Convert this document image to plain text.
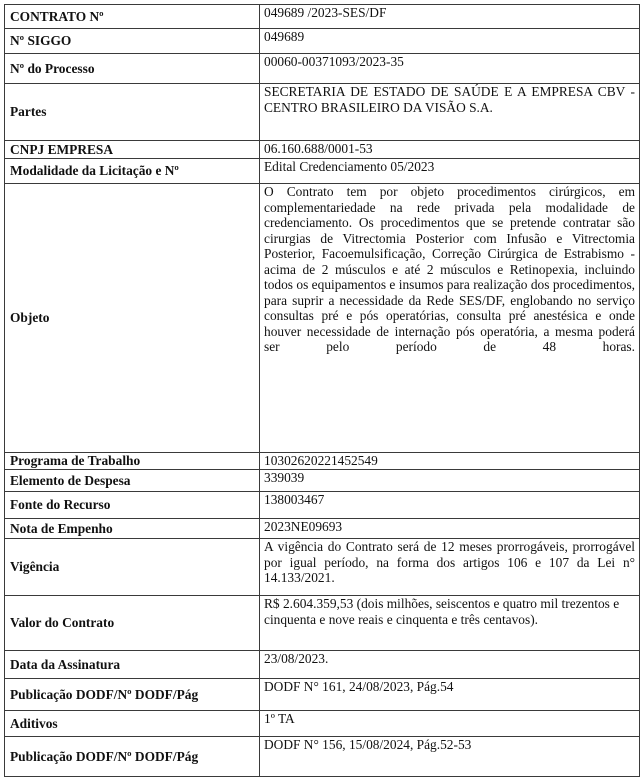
CONTRATO Nº	049689 /2023-SES/DF
Nº SIGGO	049689
Nº do Processo	00060-00371093/2023-35
Partes	SECRETARIA DE ESTADO DE SAÚDE E A EMPRESA CBV - CENTRO BRASILEIRO DA VISÃO S.A.
CNPJ EMPRESA	06.160.688/0001-53
Modalidade da Licitação e Nº	Edital Credenciamento 05/2023
Objeto	O Contrato tem por objeto procedimentos cirúrgicos, em complementariedade na rede privada pela modalidade de credenciamento. Os procedimentos que se pretende contratar são cirurgias de Vitrectomia Posterior com Infusão e Vitrectomia Posterior, Facoemulsificação, Correção Cirúrgica de Estrabismo - acima de 2 músculos e até 2 músculos e Retinopexia, incluindo todos os equipamentos e insumos para realização dos procedimentos, para suprir a necessidade da Rede SES/DF, englobando no serviço consultas pré e pós operatórias, consulta pré anestésica e onde houver necessidade de internação pós operatória, a mesma poderá ser pelo período de 48 horas.
Programa de Trabalho	10302620221452549
Elemento de Despesa	339039
Fonte do Recurso	138003467
Nota de Empenho	2023NE09693
Vigência	A vigência do Contrato será de 12 meses prorrogáveis, prorrogável por igual período, na forma dos artigos 106 e 107 da Lei n° 14.133/2021.
Valor do Contrato	R$ 2.604.359,53 (dois milhões, seiscentos e quatro mil trezentos e cinquenta e nove reais e cinquenta e três centavos).
Data da Assinatura	23/08/2023.
Publicação DODF/Nº DODF/Pág	DODF N° 161, 24/08/2023, Pág.54
Aditivos	1º TA
Publicação DODF/Nº DODF/Pág	DODF N° 156, 15/08/2024, Pág.52-53
